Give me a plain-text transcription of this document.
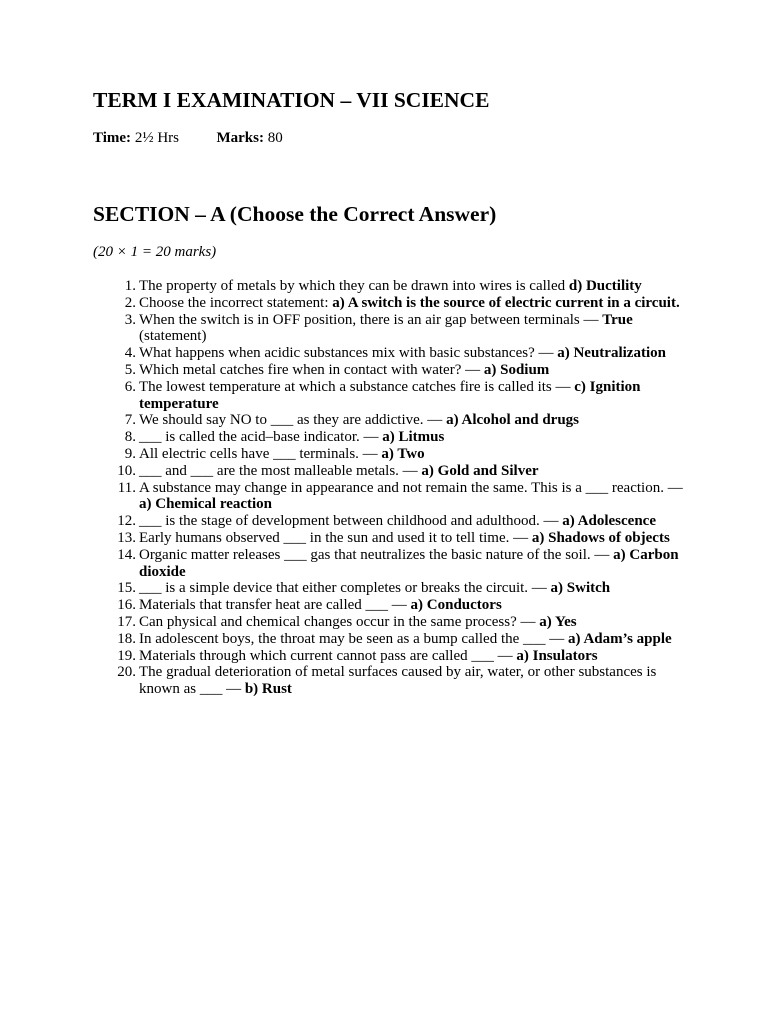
TERM I EXAMINATION – VII SCIENCE
Time: 2½ Hrs	Marks: 80
SECTION – A (Choose the Correct Answer)
(20 × 1 = 20 marks)
1. The property of metals by which they can be drawn into wires is called d) Ductility
2. Choose the incorrect statement: a) A switch is the source of electric current in a circuit.
3. When the switch is in OFF position, there is an air gap between terminals — True (statement)
4. What happens when acidic substances mix with basic substances? — a) Neutralization
5. Which metal catches fire when in contact with water? — a) Sodium
6. The lowest temperature at which a substance catches fire is called its — c) Ignition temperature
7. We should say NO to ___ as they are addictive. — a) Alcohol and drugs
8. ___ is called the acid–base indicator. — a) Litmus
9. All electric cells have ___ terminals. — a) Two
10. ___ and ___ are the most malleable metals. — a) Gold and Silver
11. A substance may change in appearance and not remain the same. This is a ___ reaction. — a) Chemical reaction
12. ___ is the stage of development between childhood and adulthood. — a) Adolescence
13. Early humans observed ___ in the sun and used it to tell time. — a) Shadows of objects
14. Organic matter releases ___ gas that neutralizes the basic nature of the soil. — a) Carbon dioxide
15. ___ is a simple device that either completes or breaks the circuit. — a) Switch
16. Materials that transfer heat are called ___ — a) Conductors
17. Can physical and chemical changes occur in the same process? — a) Yes
18. In adolescent boys, the throat may be seen as a bump called the ___ — a) Adam’s apple
19. Materials through which current cannot pass are called ___ — a) Insulators
20. The gradual deterioration of metal surfaces caused by air, water, or other substances is known as ___ — b) Rust
